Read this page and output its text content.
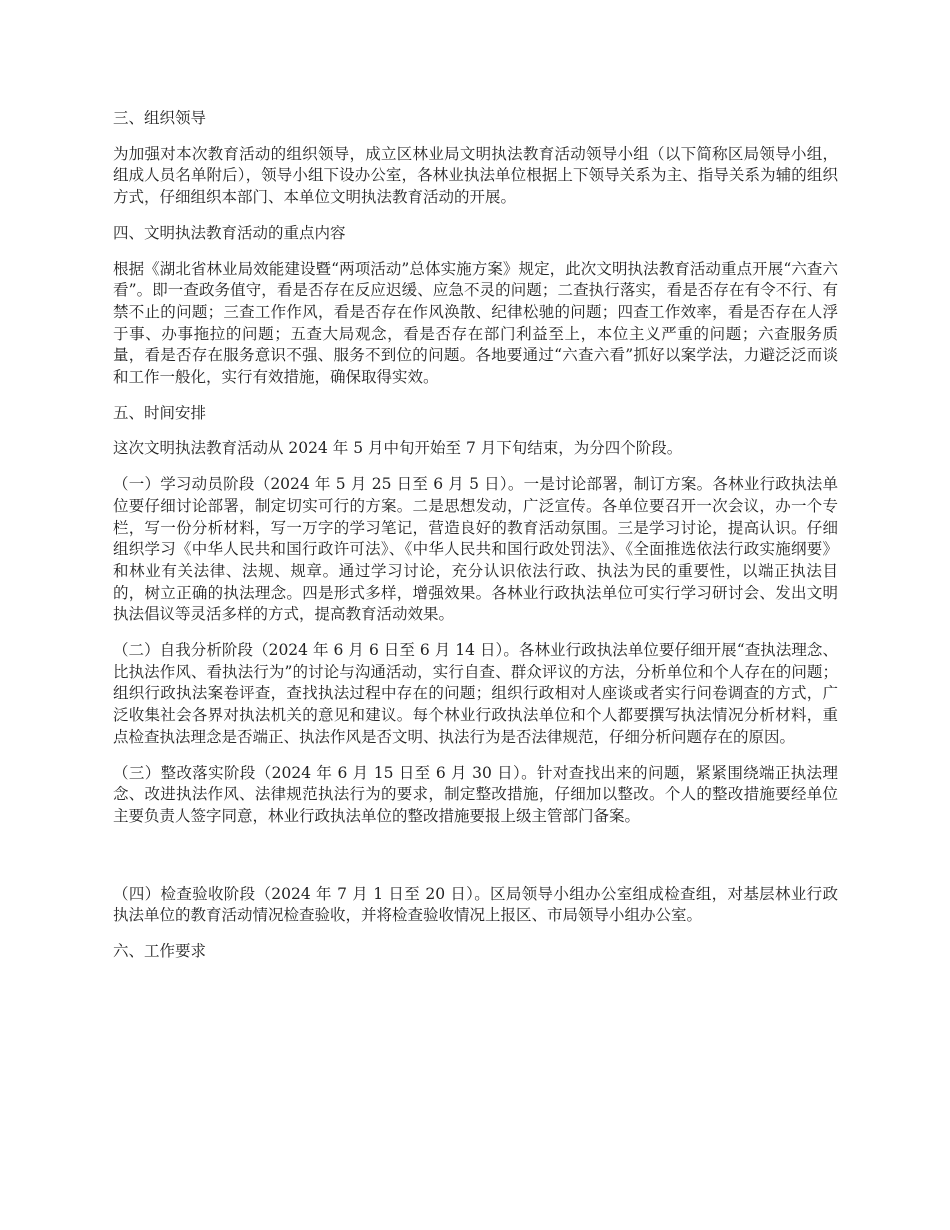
三、组织领导
为加强对本次教育活动的组织领导，成立区林业局文明执法教育活动领导小组（以下简称区局领导小组，组成人员名单附后），领导小组下设办公室，各林业执法单位根据上下领导关系为主、指导关系为辅的组织方式，仔细组织本部门、本单位文明执法教育活动的开展。
四、文明执法教育活动的重点内容
根据《湖北省林业局效能建设暨“两项活动”总体实施方案》规定，此次文明执法教育活动重点开展“六查六看”。即一查政务值守，看是否存在反应迟缓、应急不灵的问题；二查执行落实，看是否存在有令不行、有禁不止的问题；三查工作作风，看是否存在作风涣散、纪律松驰的问题；四查工作效率，看是否存在人浮于事、办事拖拉的问题；五查大局观念，看是否存在部门利益至上，本位主义严重的问题；六查服务质量，看是否存在服务意识不强、服务不到位的问题。各地要通过“六查六看”抓好以案学法，力避泛泛而谈和工作一般化，实行有效措施，确保取得实效。
五、时间安排
这次文明执法教育活动从 2024 年 5 月中旬开始至 7 月下旬结束，为分四个阶段。
（一）学习动员阶段（2024 年 5 月 25 日至 6 月 5 日）。一是讨论部署，制订方案。各林业行政执法单位要仔细讨论部署，制定切实可行的方案。二是思想发动，广泛宣传。各单位要召开一次会议，办一个专栏，写一份分析材料，写一万字的学习笔记，营造良好的教育活动氛围。三是学习讨论，提高认识。仔细组织学习《中华人民共和国行政许可法》、《中华人民共和国行政处罚法》、《全面推选依法行政实施纲要》和林业有关法律、法规、规章。通过学习讨论，充分认识依法行政、执法为民的重要性，以端正执法目的，树立正确的执法理念。四是形式多样，增强效果。各林业行政执法单位可实行学习研讨会、发出文明执法倡议等灵活多样的方式，提高教育活动效果。
（二）自我分析阶段（2024 年 6 月 6 日至 6 月 14 日）。各林业行政执法单位要仔细开展“查执法理念、比执法作风、看执法行为”的讨论与沟通活动，实行自查、群众评议的方法，分析单位和个人存在的问题；组织行政执法案卷评查，查找执法过程中存在的问题；组织行政相对人座谈或者实行问卷调查的方式，广泛收集社会各界对执法机关的意见和建议。每个林业行政执法单位和个人都要撰写执法情况分析材料，重点检查执法理念是否端正、执法作风是否文明、执法行为是否法律规范，仔细分析问题存在的原因。
（三）整改落实阶段（2024 年 6 月 15 日至 6 月 30 日）。针对查找出来的问题，紧紧围绕端正执法理念、改进执法作风、法律规范执法行为的要求，制定整改措施，仔细加以整改。个人的整改措施要经单位主要负责人签字同意，林业行政执法单位的整改措施要报上级主管部门备案。
（四）检查验收阶段（2024 年 7 月 1 日至 20 日）。区局领导小组办公室组成检查组，对基层林业行政执法单位的教育活动情况检查验收，并将检查验收情况上报区、市局领导小组办公室。
六、工作要求
